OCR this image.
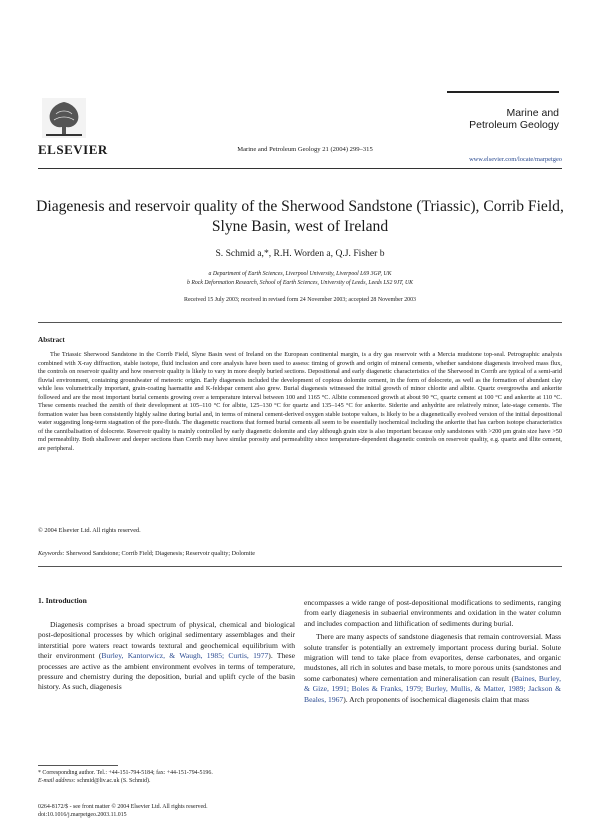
ELSEVIER	Marine and Petroleum Geology 21 (2004) 299–315
Marine and
Petroleum Geology
www.elsevier.com/locate/marpetgeo
Diagenesis and reservoir quality of the Sherwood Sandstone (Triassic), Corrib Field, Slyne Basin, west of Ireland
S. Schmid a,*, R.H. Worden a, Q.J. Fisher b
a Department of Earth Sciences, Liverpool University, Liverpool L69 3GP, UK
b Rock Deformation Research, School of Earth Sciences, University of Leeds, Leeds LS2 9JT, UK
Received 15 July 2003; received in revised form 24 November 2003; accepted 28 November 2003
Abstract
The Triassic Sherwood Sandstone in the Corrib Field, Slyne Basin west of Ireland on the European continental margin, is a dry gas reservoir with a Mercia mudstone top-seal. Petrographic analysis combined with X-ray diffraction, stable isotope, fluid inclusion and core analysis have been used to assess: timing of growth and origin of mineral cements, whether sandstone diagenesis involved mass flux, the controls on reservoir quality and how reservoir quality is likely to vary in more deeply buried sections. Depositional and early diagenetic characteristics of the Sherwood in Corrib are typical of a semi-arid fluvial environment, containing groundwater of meteoric origin. Early diagenesis included the development of copious dolomite cement, in the form of dolocrete, as well as the formation of abundant clay while less volumetrically important, grain-coating haematite and K-feldspar cement also grew. Burial diagenesis witnessed the initial growth of minor chlorite and albite. Quartz overgrowths and ankerite followed and are the most important burial cements growing over a temperature interval between 100 and 1165 °C. Albite commenced growth at about 90 °C, quartz cement at 100 °C and ankerite at 110 °C. These cements reached the zenith of their development at 105–110 °C for albite, 125–130 °C for quartz and 135–145 °C for ankerite. Siderite and anhydrite are relatively minor, late-stage cements. The formation water has been consistently highly saline during burial and, in terms of mineral cement-derived oxygen stable isotope values, is likely to be a diagenetically evolved version of the initial depositional water suggesting long-term stagnation of the pore-fluids. The diagenetic reactions that formed burial cements all seem to be essentially isochemical including the ankerite that has carbon isotope characteristics of the cannibalisation of dolocrete. Reservoir quality is mainly controlled by early diagenetic dolomite and clay although grain size is also important because only sandstones with >200 μm grain size have >50 md permeability. Both shallower and deeper sections than Corrib may have similar porosity and permeability since temperature-dependent diagenetic controls on reservoir quality, e.g. quartz and illite cement, are peripheral.
© 2004 Elsevier Ltd. All rights reserved.
Keywords: Sherwood Sandstone; Corrib Field; Diagenesis; Reservoir quality; Dolomite
1. Introduction
Diagenesis comprises a broad spectrum of physical, chemical and biological post-depositional processes by which original sedimentary assemblages and their interstitial pore waters react towards textural and geochemical equilibrium with their environment (Burley, Kantorwicz, & Waugh, 1985; Curtis, 1977). These processes are active as the ambient environment evolves in terms of temperature, pressure and chemistry during the deposition, burial and uplift cycle of the basin history. As such, diagenesis
encompasses a wide range of post-depositional modifications to sediments, ranging from early diagenesis in subaerial environments and oxidation in the water column and includes compaction and lithification of sediments during burial.
There are many aspects of sandstone diagenesis that remain controversial. Mass solute transfer is potentially an extremely important process during burial. Solute migration will tend to take place from evaporites, dense carbonates, and organic mudstones, all rich in solutes and base metals, to more porous units (sandstones and some carbonates) where cementation and mineralisation can result (Baines, Burley, & Gize, 1991; Boles & Franks, 1979; Burley, Mullis, & Matter, 1989; Jackson & Beales, 1967). Arch proponents of isochemical diagenesis claim that mass
* Corresponding author. Tel.: +44-151-794-5184; fax: +44-151-794-5196.
E-mail address: schmid@liv.ac.uk (S. Schmid).
0264-8172/$ - see front matter © 2004 Elsevier Ltd. All rights reserved.
doi:10.1016/j.marpetgeo.2003.11.015
